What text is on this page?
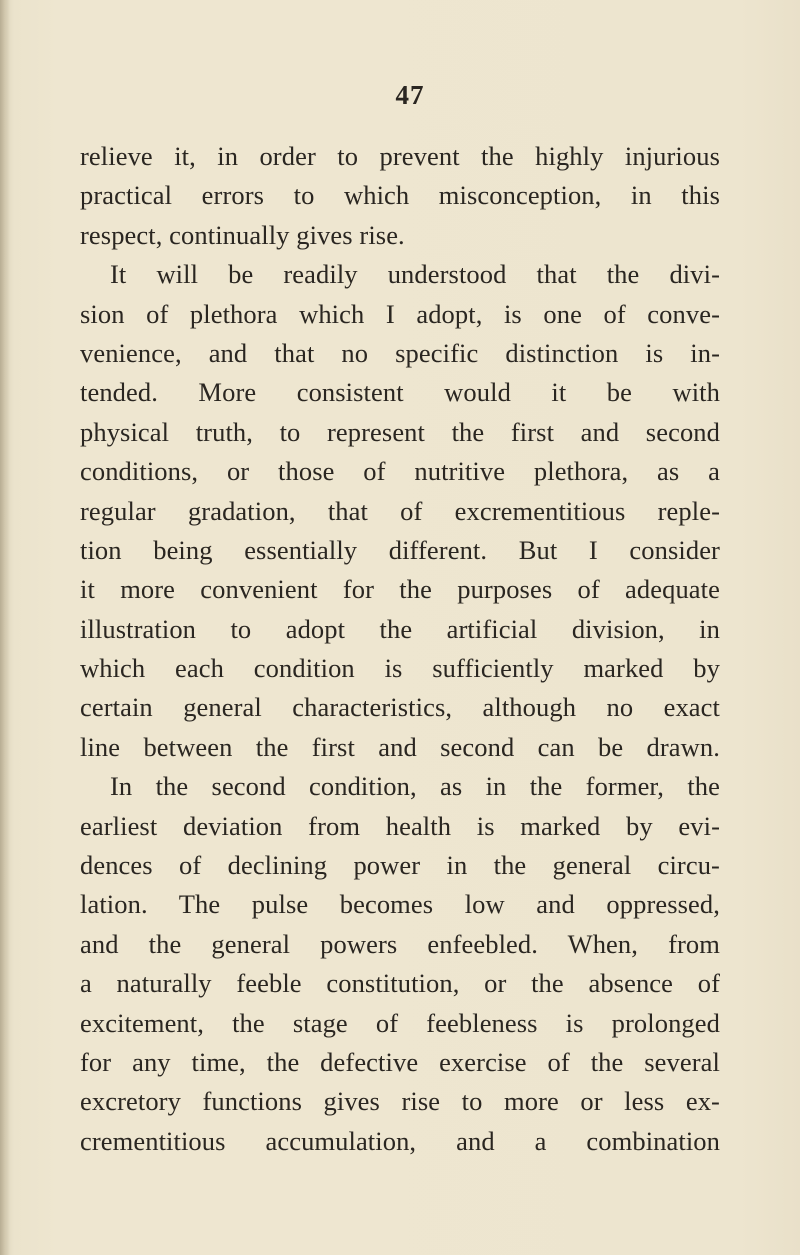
47
relieve it, in order to prevent the highly injurious
practical errors to which misconception, in this
respect, continually gives rise.
It will be readily understood that the divi-
sion of plethora which I adopt, is one of conve-
venience, and that no specific distinction is in-
tended. More consistent would it be with
physical truth, to represent the first and second
conditions, or those of nutritive plethora, as a
regular gradation, that of excrementitious reple-
tion being essentially different. But I consider
it more convenient for the purposes of adequate
illustration to adopt the artificial division, in
which each condition is sufficiently marked by
certain general characteristics, although no exact
line between the first and second can be drawn.
In the second condition, as in the former, the
earliest deviation from health is marked by evi-
dences of declining power in the general circu-
lation. The pulse becomes low and oppressed,
and the general powers enfeebled. When, from
a naturally feeble constitution, or the absence of
excitement, the stage of feebleness is prolonged
for any time, the defective exercise of the several
excretory functions gives rise to more or less ex-
crementitious accumulation, and a combination
